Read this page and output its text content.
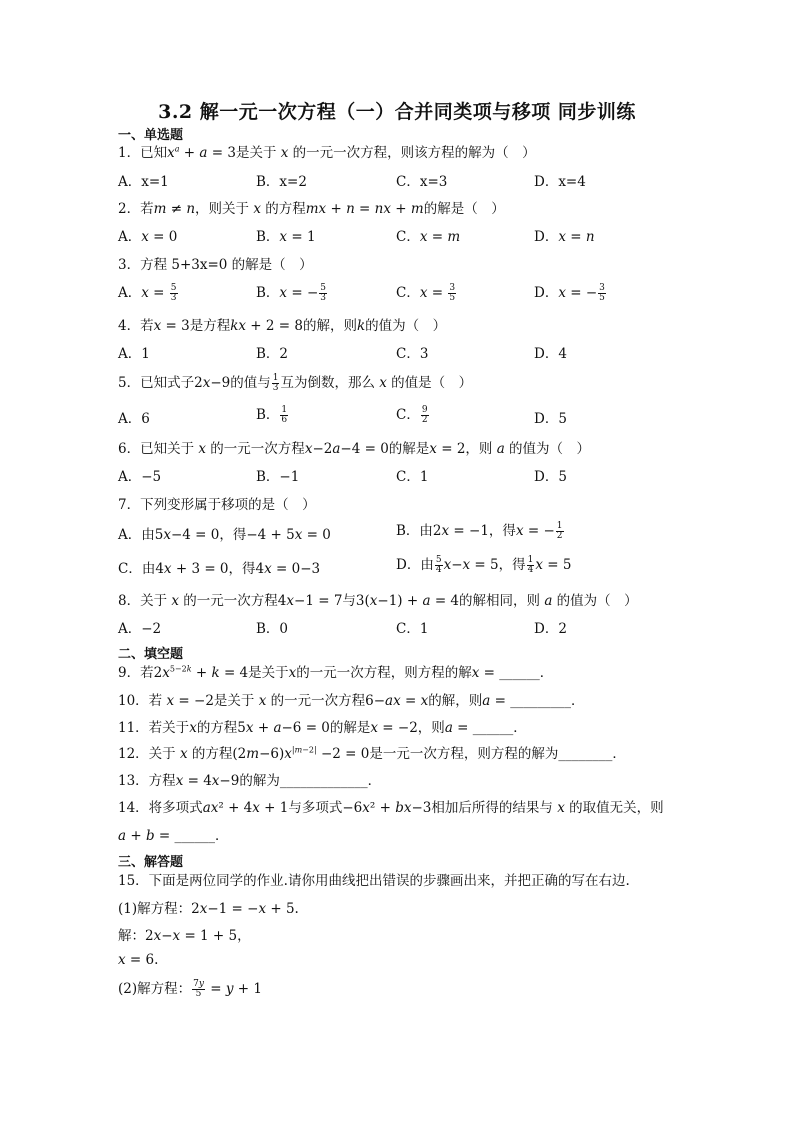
3.2 解一元一次方程（一）合并同类项与移项 同步训练
一、单选题
1．已知$x^a + a = 3$是关于 x 的一元一次方程，则该方程的解为（　）
A．x=1	B．x=2	C．x=3	D．x=4
2．若m ≠ n，则关于 x 的方程mx + n = nx + m的解是（　）
A．x = 0	B．x = 1	C．x = m	D．x = n
3．方程 5+3x=0 的解是（　）
A．$x = \frac{5}{3}$	B．x = − $\frac{5}{3}$	C．$x = \frac{3}{5}$	D．x = − $\frac{3}{5}$
4．若x = 3是方程kx + 2 = 8的解，则k的值为（　）
A．1	B．2	C．3	D．4
5．已知式子2x−9的值与 $\frac{1}{3}$ 互为倒数，那么 x 的值是（　）
A．6	B． $\frac{1}{6}$	C． $\frac{9}{2}$	D．5
6．已知关于 x 的一元一次方程x−2a−4 = 0的解是x = 2，则 a 的值为（　）
A．−5	B．−1	C．1	D．5
7．下列变形属于移项的是（　）
A．由5x−4 = 0，得−4 + 5x = 0	B．由2x = −1，得x = − $\frac{1}{2}$
C．由4x + 3 = 0，得4x = 0−3	D．由 $\frac{5}{4} x-x = 5$，得 $\frac{1}{4}$ x = 5
8．关于 x 的一元一次方程4x−1 = 7与3(x−1) + a = 4的解相同，则 a 的值为（　）
A．−2	B．0	C．1	D．2
二、填空题
9．若$2x^{5-2k} + k = 4$是关于x的一元一次方程，则方程的解x = ______．
10．若 x = −2是关于 x 的一元一次方程6−ax = x的解，则a = _________．
11．若关于x的方程5x + a−6 = 0的解是x = −2，则a = ______．
12．关于 x 的方程$(2m-6)x^{|m-2|} -2 = 0$是一元一次方程，则方程的解为________．
13．方程x = 4x−9的解为_____________．
14．将多项式ax² + 4x + 1与多项式−6x² + bx−3相加后所得的结果与 x 的取值无关，则
a + b = ______．
三、解答题
15．下面是两位同学的作业.请你用曲线把出错误的步骤画出来，并把正确的写在右边.
(1)解方程：2x−1 = −x + 5.
解：2x−x = 1 + 5，
x = 6.
(2)解方程： $\frac{7y}{5} = y + 1$
